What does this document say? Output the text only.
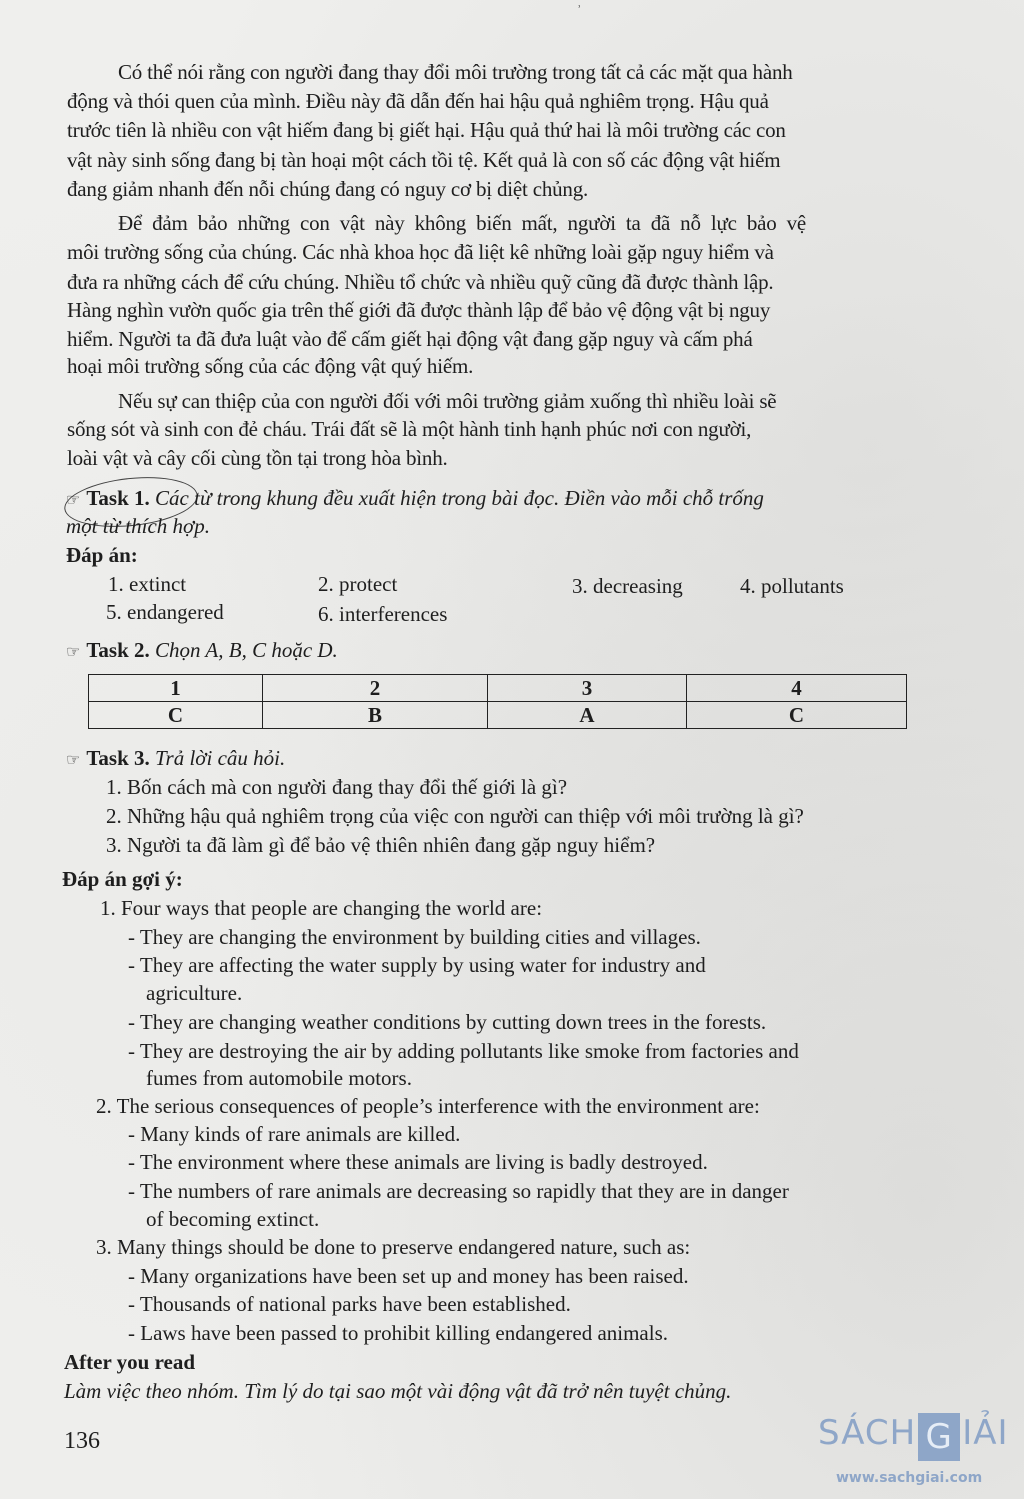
ʾ
Có thể nói rằng con người đang thay đổi môi trường trong tất cả các mặt qua hành
động và thói quen của mình. Điều này đã dẫn đến hai hậu quả nghiêm trọng. Hậu quả
trước tiên là nhiều con vật hiếm đang bị giết hại. Hậu quả thứ hai là môi trường các con
vật này sinh sống đang bị tàn hoại một cách tồi tệ. Kết quả là con số các động vật hiếm
đang giảm nhanh đến nỗi chúng đang có nguy cơ bị diệt chủng.
Để đảm bảo những con vật này không biến mất, người ta đã nỗ lực bảo vệ
môi trường sống của chúng. Các nhà khoa học đã liệt kê những loài gặp nguy hiểm và
đưa ra những cách để cứu chúng. Nhiều tổ chức và nhiều quỹ cũng đã được thành lập.
Hàng nghìn vườn quốc gia trên thế giới đã được thành lập để bảo vệ động vật bị nguy
hiểm. Người ta đã đưa luật vào để cấm giết hại động vật đang gặp nguy và cấm phá
hoại môi trường sống của các động vật quý hiếm.
Nếu sự can thiệp của con người đối với môi trường giảm xuống thì nhiều loài sẽ
sống sót và sinh con đẻ cháu. Trái đất sẽ là một hành tinh hạnh phúc nơi con người,
loài vật và cây cối cùng tồn tại trong hòa bình.
☞ Task 1. Các từ trong khung đều xuất hiện trong bài đọc. Điền vào mỗi chỗ trống
một từ thích hợp.
Đáp án:
1. extinct	2. protect	3. decreasing	4. pollutants
5. endangered	6. interferences
☞ Task 2. Chọn A, B, C hoặc D.
1	2	3	4
C	B	A	C
☞ Task 3. Trả lời câu hỏi.
1. Bốn cách mà con người đang thay đổi thế giới là gì?
2. Những hậu quả nghiêm trọng của việc con người can thiệp với môi trường là gì?
3. Người ta đã làm gì để bảo vệ thiên nhiên đang gặp nguy hiểm?
Đáp án gợi ý:
1. Four ways that people are changing the world are:
- They are changing the environment by building cities and villages.
- They are affecting the water supply by using water for industry and
agriculture.
- They are changing weather conditions by cutting down trees in the forests.
- They are destroying the air by adding pollutants like smoke from factories and
fumes from automobile motors.
2. The serious consequences of people’s interference with the environment are:
- Many kinds of rare animals are killed.
- The environment where these animals are living is badly destroyed.
- The numbers of rare animals are decreasing so rapidly that they are in danger
of becoming extinct.
3. Many things should be done to preserve endangered nature, such as:
- Many organizations have been set up and money has been raised.
- Thousands of national parks have been established.
- Laws have been passed to prohibit killing endangered animals.
After you read
Làm việc theo nhóm. Tìm lý do tại sao một vài động vật đã trở nên tuyệt chủng.
136	SÁCH G IẢI
www.sachgiai.com
